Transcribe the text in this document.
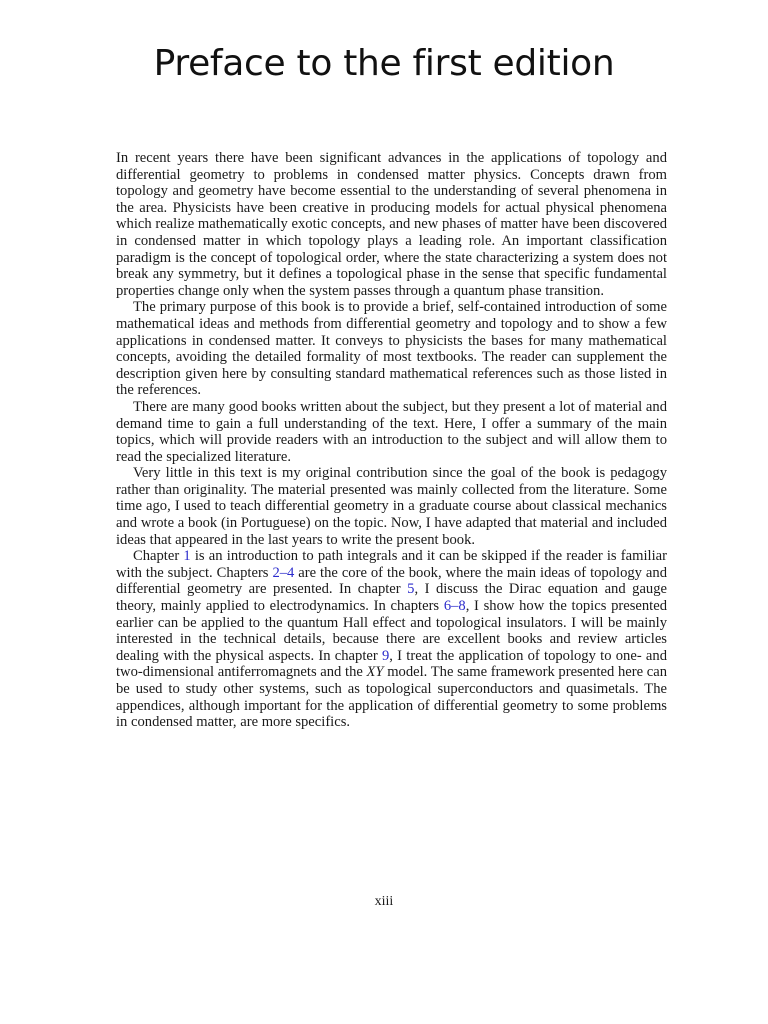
Preface to the first edition

In recent years there have been significant advances in the applications of topology and differential geometry to problems in condensed matter physics. Concepts drawn from topology and geometry have become essential to the understanding of several phenomena in the area. Physicists have been creative in producing models for actual physical phenomena which realize mathematically exotic concepts, and new phases of matter have been discovered in condensed matter in which topology plays a leading role. An important classification paradigm is the concept of topological order, where the state characterizing a system does not break any symmetry, but it defines a topological phase in the sense that specific fundamental properties change only when the system passes through a quantum phase transition.

The primary purpose of this book is to provide a brief, self-contained introduction of some mathematical ideas and methods from differential geometry and topology and to show a few applications in condensed matter. It conveys to physicists the bases for many mathematical concepts, avoiding the detailed formality of most textbooks. The reader can supplement the description given here by consulting standard mathematical references such as those listed in the references.

There are many good books written about the subject, but they present a lot of material and demand time to gain a full understanding of the text. Here, I offer a summary of the main topics, which will provide readers with an introduction to the subject and will allow them to read the specialized literature.

Very little in this text is my original contribution since the goal of the book is pedagogy rather than originality. The material presented was mainly collected from the literature. Some time ago, I used to teach differential geometry in a graduate course about classical mechanics and wrote a book (in Portuguese) on the topic. Now, I have adapted that material and included ideas that appeared in the last years to write the present book.

Chapter 1 is an introduction to path integrals and it can be skipped if the reader is familiar with the subject. Chapters 2–4 are the core of the book, where the main ideas of topology and differential geometry are presented. In chapter 5, I discuss the Dirac equation and gauge theory, mainly applied to electrodynamics. In chapters 6–8, I show how the topics presented earlier can be applied to the quantum Hall effect and topological insulators. I will be mainly interested in the technical details, because there are excellent books and review articles dealing with the physical aspects. In chapter 9, I treat the application of topology to one- and two-dimensional antiferromagnets and the XY model. The same framework presented here can be used to study other systems, such as topological superconductors and quasimetals. The appendices, although important for the application of differential geometry to some problems in condensed matter, are more specifics.

xiii
